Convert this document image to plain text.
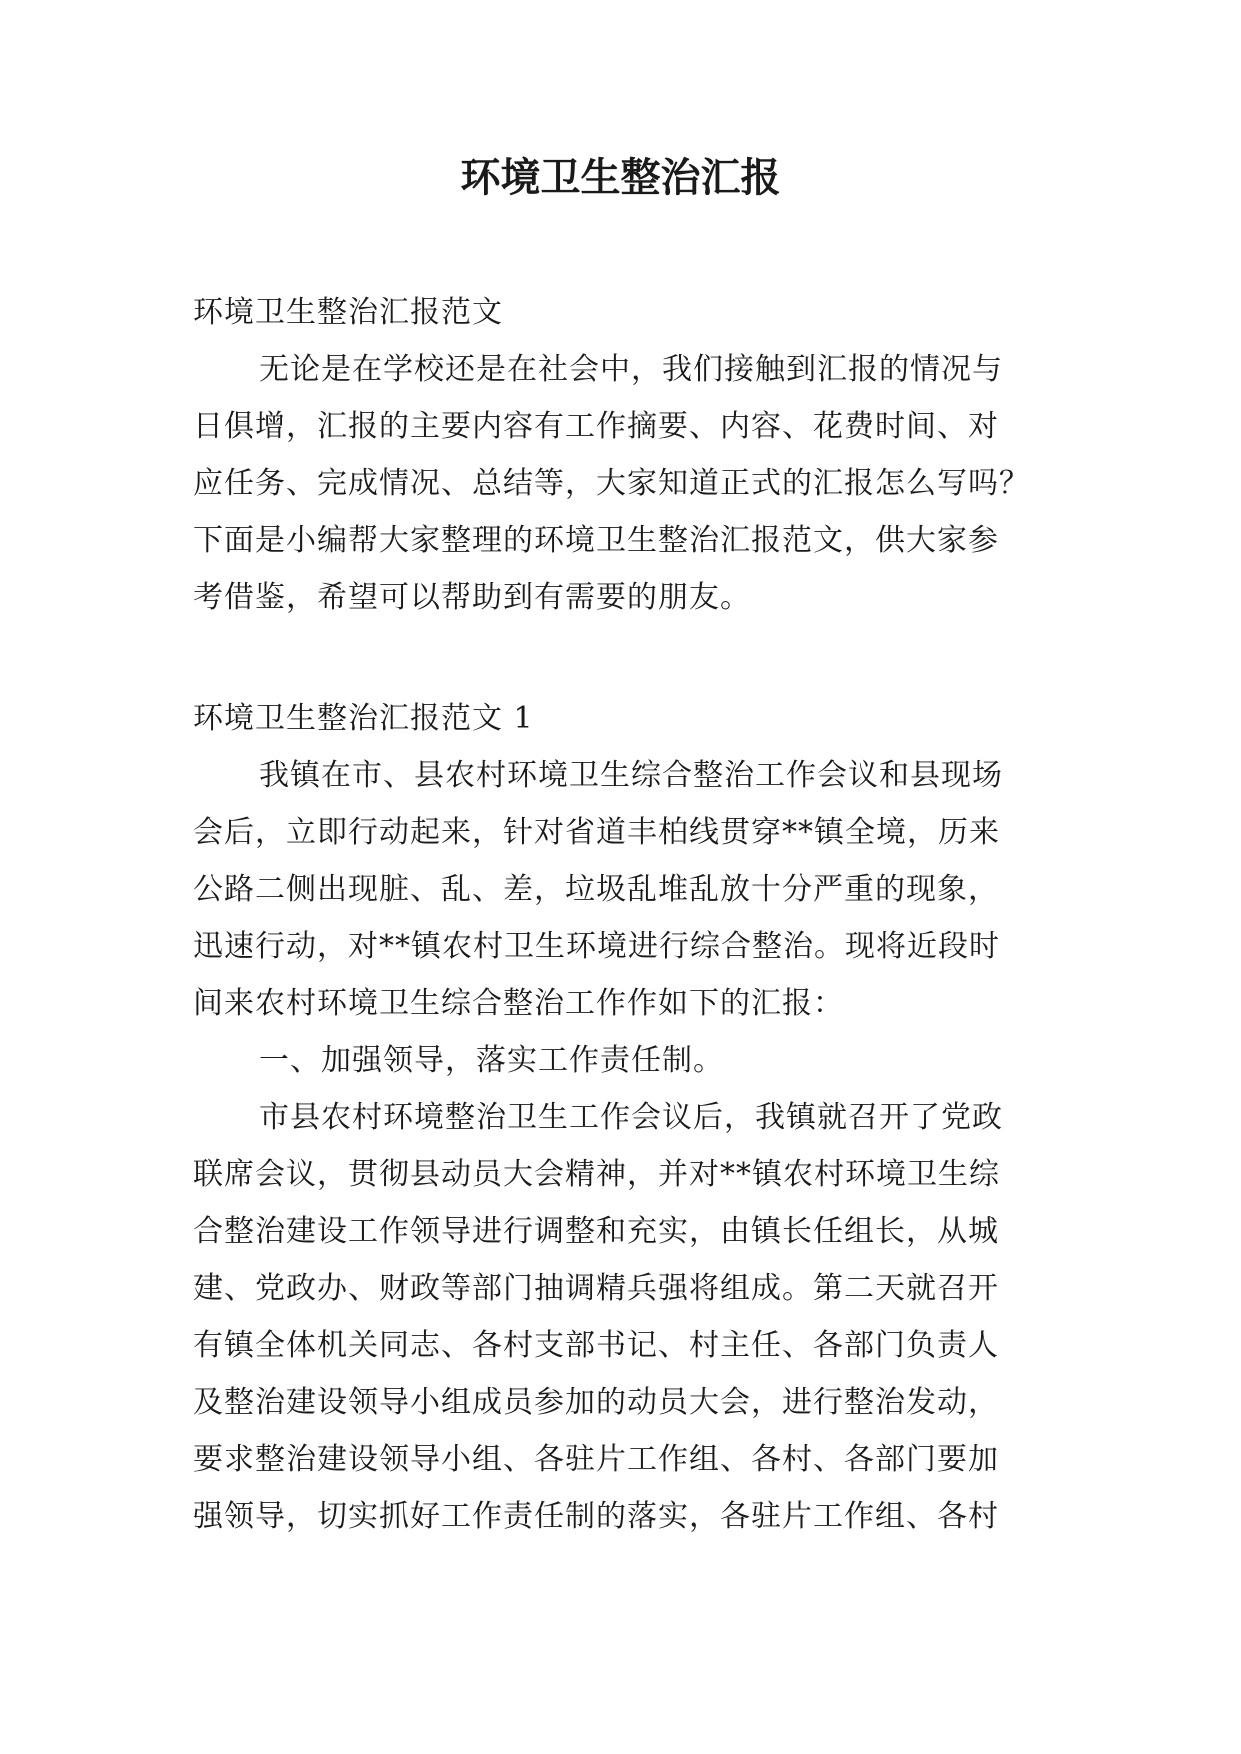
环境卫生整治汇报
环境卫生整治汇报范文
无论是在学校还是在社会中，我们接触到汇报的情况与
日俱增，汇报的主要内容有工作摘要、内容、花费时间、对
应任务、完成情况、总结等，大家知道正式的汇报怎么写吗？
下面是小编帮大家整理的环境卫生整治汇报范文，供大家参
考借鉴，希望可以帮助到有需要的朋友。
环境卫生整治汇报范文 1
我镇在市、县农村环境卫生综合整治工作会议和县现场
会后，立即行动起来，针对省道丰柏线贯穿**镇全境，历来
公路二侧出现脏、乱、差，垃圾乱堆乱放十分严重的现象，
迅速行动，对**镇农村卫生环境进行综合整治。现将近段时
间来农村环境卫生综合整治工作作如下的汇报：
一、加强领导，落实工作责任制。
市县农村环境整治卫生工作会议后，我镇就召开了党政
联席会议，贯彻县动员大会精神，并对**镇农村环境卫生综
合整治建设工作领导进行调整和充实，由镇长任组长，从城
建、党政办、财政等部门抽调精兵强将组成。第二天就召开
有镇全体机关同志、各村支部书记、村主任、各部门负责人
及整治建设领导小组成员参加的动员大会，进行整治发动，
要求整治建设领导小组、各驻片工作组、各村、各部门要加
强领导，切实抓好工作责任制的落实，各驻片工作组、各村
